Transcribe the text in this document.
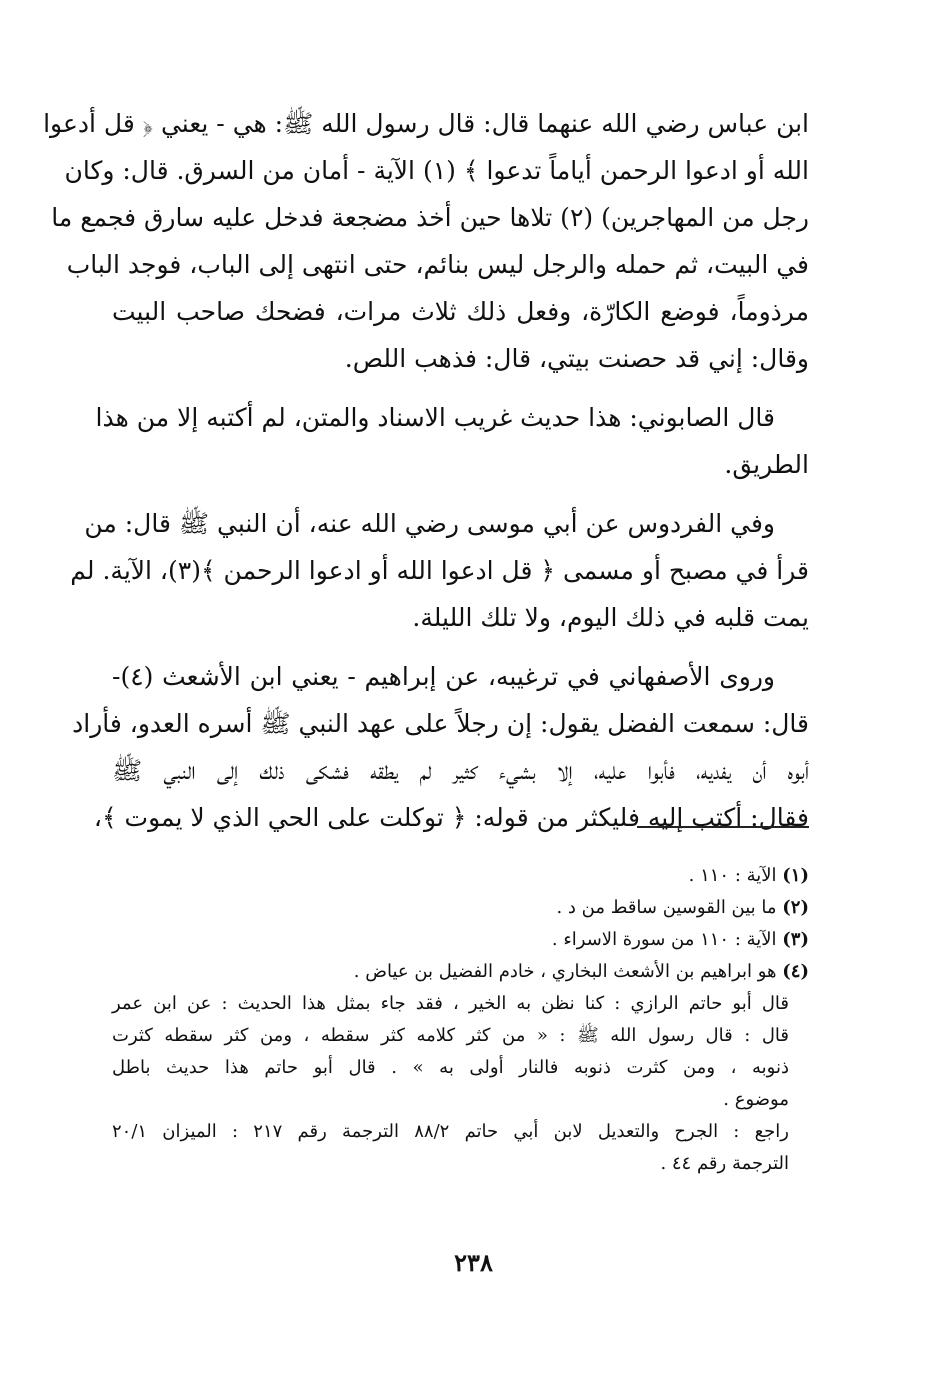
ابن عباس رضي الله عنهما قال: قال رسول الله ﷺ: هي - يعني ﴿ قل أدعوا
الله أو ادعوا الرحمن أياماً تدعوا ﴾ (١) الآية - أمان من السرق. قال: وكان
رجل من المهاجرين) (٢) تلاها حين أخذ مضجعة فدخل عليه سارق فجمع ما
في البيت، ثم حمله والرجل ليس بنائم، حتى انتهى إلى الباب، فوجد الباب
مرذوماً، فوضع الكارّة، وفعل ذلك ثلاث مرات، فضحك صاحب البيت
وقال: إني قد حصنت بيتي، قال: فذهب اللص.

قال الصابوني: هذا حديث غريب الاسناد والمتن، لم أكتبه إلا من هذا
الطريق.

وفي الفردوس عن أبي موسى رضي الله عنه، أن النبي ﷺ قال: من
قرأ في مصبح أو مسمى ﴿ قل ادعوا الله أو ادعوا الرحمن ﴾(٣)، الآية. لم
يمت قلبه في ذلك اليوم، ولا تلك الليلة.

وروى الأصفهاني في ترغيبه، عن إبراهيم - يعني ابن الأشعث (٤)-
قال: سمعت الفضل يقول: إن رجلاً على عهد النبي ﷺ أسره العدو، فأراد
أبوه أن يفديه، فأبوا عليه، إلا بشيء كثير لم يطقه فشكى ذلك إلى النبي ﷺ
فقال: أكتب إليه فليكثر من قوله: ﴿ توكلت على الحي الذي لا يموت ﴾،

(١) الآية : ١١٠ .
(٢) ما بين القوسين ساقط من د .
(٣) الآية : ١١٠ من سورة الاسراء .
(٤) هو ابراهيم بن الأشعث البخاري ، خادم الفضيل بن عياض .
قال أبو حاتم الرازي : كنا نظن به الخير ، فقد جاء بمثل هذا الحديث : عن ابن عمر
قال : قال رسول الله ﷺ : « من كثر كلامه كثر سقطه ، ومن كثر سقطه كثرت
ذنوبه ، ومن كثرت ذنوبه فالنار أولى به » . قال أبو حاتم هذا حديث باطل
موضوع .
راجع : الجرح والتعديل لابن أبي حاتم ٨٨/٢ الترجمة رقم ٢١٧ : الميزان ٢٠/١
الترجمة رقم ٤٤ .
٢٣٨
